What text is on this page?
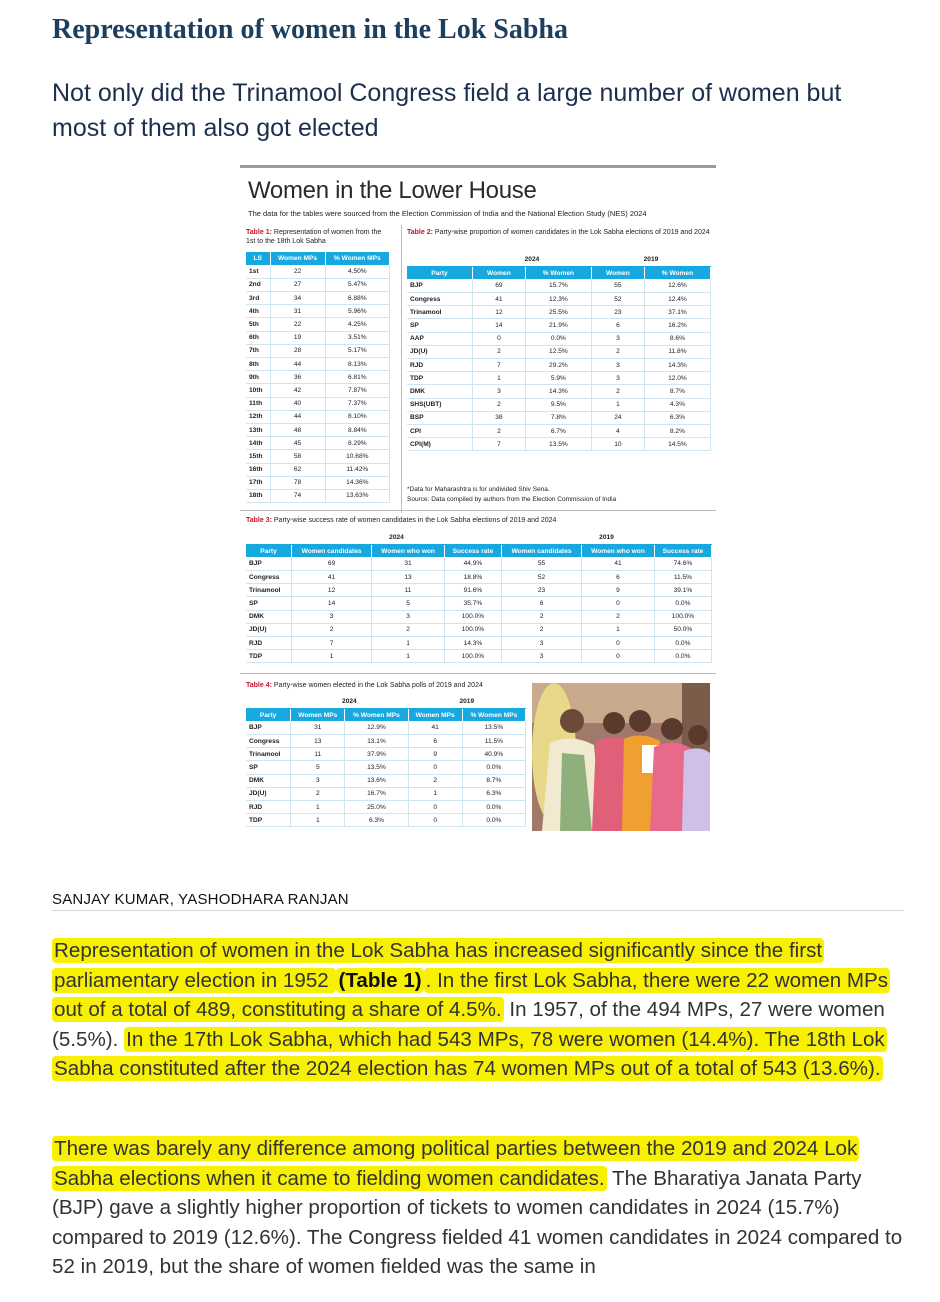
Representation of women in the Lok Sabha
Not only did the Trinamool Congress field a large number of women but most of them also got elected
Women in the Lower House
The data for the tables were sourced from the Election Commission of India and the National Election Study (NES) 2024
Table 1: Representation of women from the 1st to the 18th Lok Sabha
LS	Women MPs	% Women MPs
1st	22	4.50%
2nd	27	5.47%
3rd	34	6.88%
4th	31	5.96%
5th	22	4.25%
6th	19	3.51%
7th	28	5.17%
8th	44	8.13%
9th	36	6.81%
10th	42	7.87%
11th	40	7.37%
12th	44	8.10%
13th	48	8.84%
14th	45	8.29%
15th	58	10.68%
16th	62	11.42%
17th	78	14.36%
18th	74	13.63%
Table 2: Party-wise proportion of women candidates in the Lok Sabha elections of 2019 and 2024
	2024		2019	
Party	Women	% Women	Women	% Women
BJP	69	15.7%	55	12.6%
Congress	41	12.3%	52	12.4%
Trinamool	12	25.5%	23	37.1%
SP	14	21.9%	6	16.2%
AAP	0	0.0%	3	8.6%
JD(U)	2	12.5%	2	11.8%
RJD	7	29.2%	3	14.3%
TDP	1	5.9%	3	12.0%
DMK	3	14.3%	2	8.7%
SHS(UBT)	2	9.5%	1	4.3%
BSP	38	7.8%	24	6.3%
CPI	2	6.7%	4	8.2%
CPI(M)	7	13.5%	10	14.5%
*Data for Maharashtra is for undivided Shiv Sena.
Source: Data compiled by authors from the Election Commission of India
Table 3: Party-wise success rate of women candidates in the Lok Sabha elections of 2019 and 2024
	2024			2019		
Party	Women candidates	Women who won	Success rate	Women candidates	Women who won	Success rate
BJP	69	31	44.9%	55	41	74.6%
Congress	41	13	18.8%	52	6	11.5%
Trinamool	12	11	91.6%	23	9	39.1%
SP	14	5	35.7%	6	0	0.0%
DMK	3	3	100.0%	2	2	100.0%
JD(U)	2	2	100.0%	2	1	50.0%
RJD	7	1	14.3%	3	0	0.0%
TDP	1	1	100.0%	3	0	0.0%
Table 4: Party-wise women elected in the Lok Sabha polls of 2019 and 2024
	2024		2019	
Party	Women MPs	% Women MPs	Women MPs	% Women MPs
BJP	31	12.9%	41	13.5%
Congress	13	13.1%	6	11.5%
Trinamool	11	37.9%	9	40.9%
SP	5	13.5%	0	0.0%
DMK	3	13.6%	2	8.7%
JD(U)	2	16.7%	1	6.3%
RJD	1	25.0%	0	0.0%
TDP	1	6.3%	0	0.0%
SANJAY KUMAR, YASHODHARA RANJAN

Representation of women in the Lok Sabha has increased significantly since the first parliamentary election in 1952 (Table 1) . In the first Lok Sabha, there were 22 women MPs out of a total of 489, constituting a share of 4.5%. In 1957, of the 494 MPs, 27 were women (5.5%). In the 17th Lok Sabha, which had 543 MPs, 78 were women (14.4%). The 18th Lok Sabha constituted after the 2024 election has 74 women MPs out of a total of 543 (13.6%).

There was barely any difference among political parties between the 2019 and 2024 Lok Sabha elections when it came to fielding women candidates. The Bharatiya Janata Party (BJP) gave a slightly higher proportion of tickets to women candidates in 2024 (15.7%) compared to 2019 (12.6%). The Congress fielded 41 women candidates in 2024 compared to 52 in 2019, but the share of women fielded was the same in
